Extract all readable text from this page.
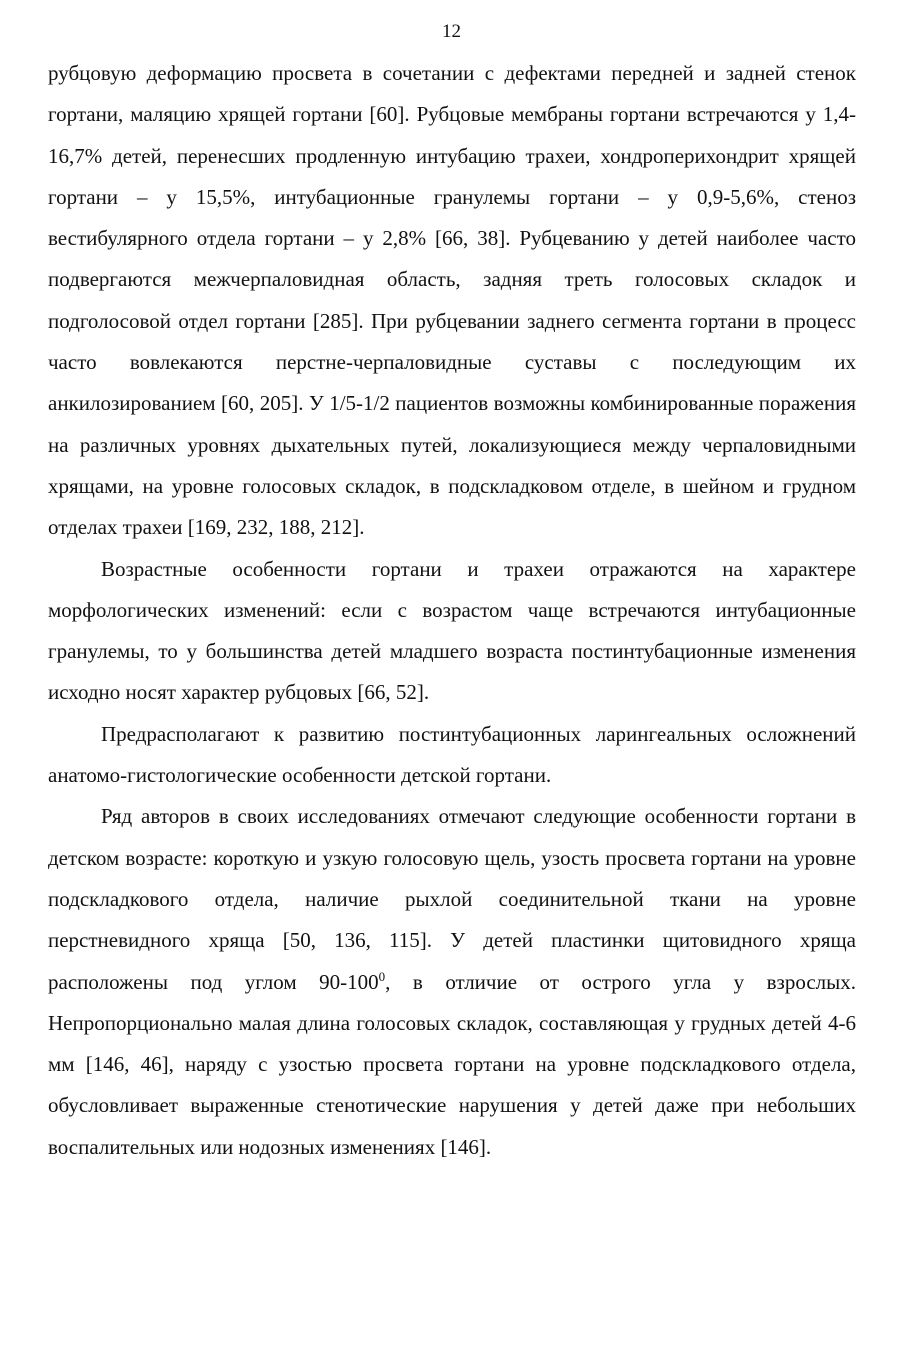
12

рубцовую деформацию просвета в сочетании с дефектами передней и задней стенок гортани, маляцию хрящей гортани [60]. Рубцовые мембраны гортани встречаются у 1,4-16,7% детей, перенесших продленную интубацию трахеи, хондроперихондрит хрящей гортани – у 15,5%, интубационные гранулемы гортани – у 0,9-5,6%, стеноз вестибулярного отдела гортани – у 2,8% [66, 38]. Рубцеванию у детей наиболее часто подвергаются межчерпаловидная область, задняя треть голосовых складок и подголосовой отдел гортани [285]. При рубцевании заднего сегмента гортани в процесс часто вовлекаются перстне-черпаловидные суставы с последующим их анкилозированием [60, 205]. У 1/5-1/2 пациентов возможны комбинированные поражения на различных уровнях дыхательных путей, локализующиеся между черпаловидными хрящами, на уровне голосовых складок, в подскладковом отделе, в шейном и грудном отделах трахеи [169, 232, 188, 212].

Возрастные особенности гортани и трахеи отражаются на характере морфологических изменений: если с возрастом чаще встречаются интубационные гранулемы, то у большинства детей младшего возраста постинтубационные изменения исходно носят характер рубцовых [66, 52].

Предрасполагают к развитию постинтубационных ларингеальных осложнений анатомо-гистологические особенности детской гортани.

Ряд авторов в своих исследованиях отмечают следующие особенности гортани в детском возрасте: короткую и узкую голосовую щель, узость просвета гортани на уровне подскладкового отдела, наличие рыхлой соединительной ткани на уровне перстневидного хряща [50, 136, 115]. У детей пластинки щитовидного хряща расположены под углом $90-100^0$, в отличие от острого угла у взрослых. Непропорционально малая длина голосовых складок, составляющая у грудных детей 4-6 мм [146, 46], наряду с узостью просвета гортани на уровне подскладкового отдела, обусловливает выраженные стенотические нарушения у детей даже при небольших воспалительных или нодозных изменениях [146].
